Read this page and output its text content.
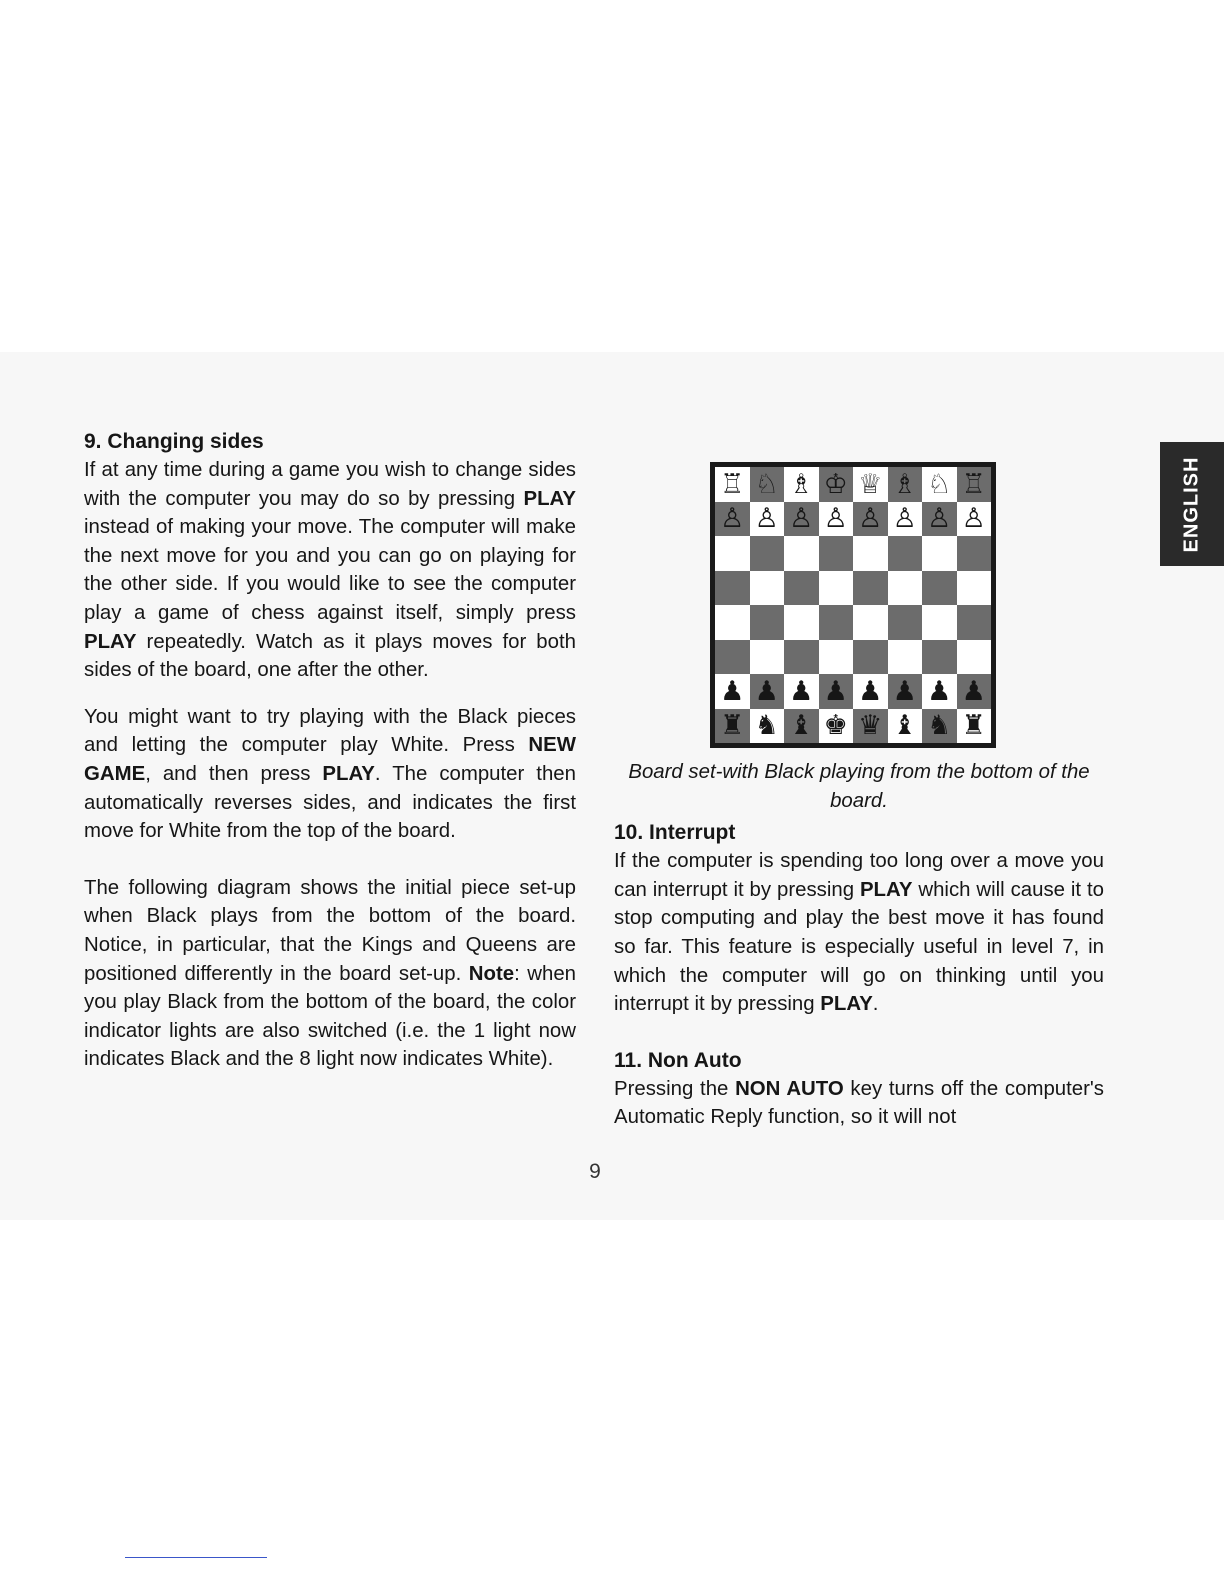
9. Changing sides

If at any time during a game you wish to change sides with the computer you may do so by pressing PLAY instead of making your move. The computer will make the next move for you and you can go on playing for the other side. If you would like to see the computer play a game of chess against itself, simply press PLAY repeatedly. Watch as it plays moves for both sides of the board, one after the other.

You might want to try playing with the Black pieces and letting the computer play White. Press NEW GAME, and then press PLAY. The computer then automatically reverses sides, and indicates the first move for White from the top of the board.

The following diagram shows the initial piece set-up when Black plays from the bottom of the board. Notice, in particular, that the Kings and Queens are positioned differently in the board set-up. Note: when you play Black from the bottom of the board, the color indicator lights are also switched (i.e. the 1 light now indicates Black and the 8 light now indicates White).

♖ ♘ ♗ ♔ ♕ ♗ ♘ ♖
♙ ♙ ♙ ♙ ♙ ♙ ♙ ♙
♟ ♟ ♟ ♟ ♟ ♟ ♟ ♟
♜ ♞ ♝ ♚ ♛ ♝ ♞ ♜

Board set-with Black playing from the bottom of the board.

10. Interrupt

If the computer is spending too long over a move you can interrupt it by pressing PLAY which will cause it to stop computing and play the best move it has found so far. This feature is especially useful in level 7, in which the computer will go on thinking until you interrupt it by pressing PLAY.

11. Non Auto

Pressing the NON AUTO key turns off the computer's Automatic Reply function, so it will not

ENGLISH
9
